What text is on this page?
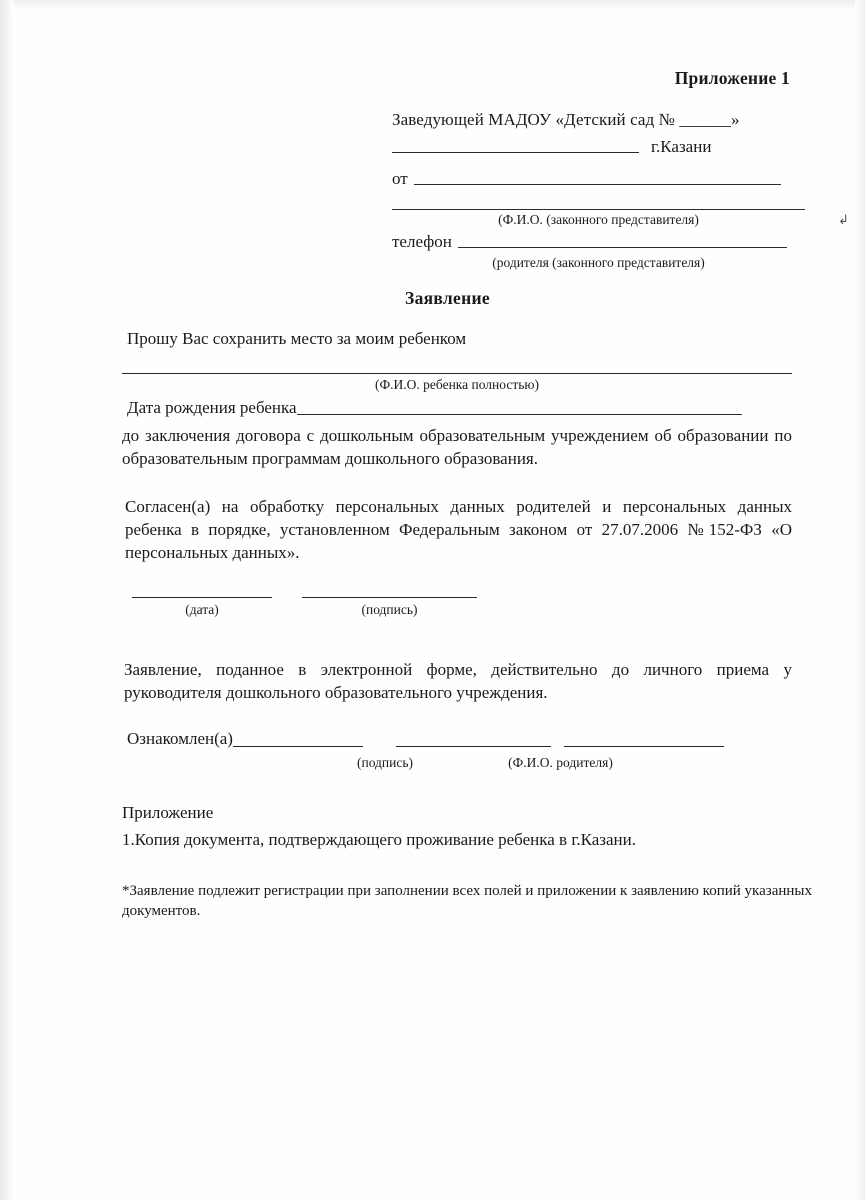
Приложение 1
↲
Заведующей МАДОУ «Детский сад № ______»
г.Казани
от
(Ф.И.О. (законного представителя)
телефон
(родителя (законного представителя)
Заявление

Прошу Вас сохранить место за моим ребенком

(Ф.И.О. ребенка полностью)
Дата рождения ребенка

до заключения договора с дошкольным образовательным учреждением об образовании по образовательным программам дошкольного образования.

Согласен(а) на обработку персональных данных родителей и персональных данных ребенка в порядке, установленном Федеральным законом от 27.07.2006 №152-ФЗ «О персональных данных».

(дата)	(подпись)

Заявление, поданное в электронной форме, действительно до личного приема у руководителя дошкольного образовательного учреждения.

Ознакомлен(а)
(подпись)	(Ф.И.О. родителя)

Приложение

1.Копия документа, подтверждающего проживание ребенка в г.Казани.

*Заявление подлежит регистрации при заполнении всех полей и приложении к заявлению копий указанных документов.
